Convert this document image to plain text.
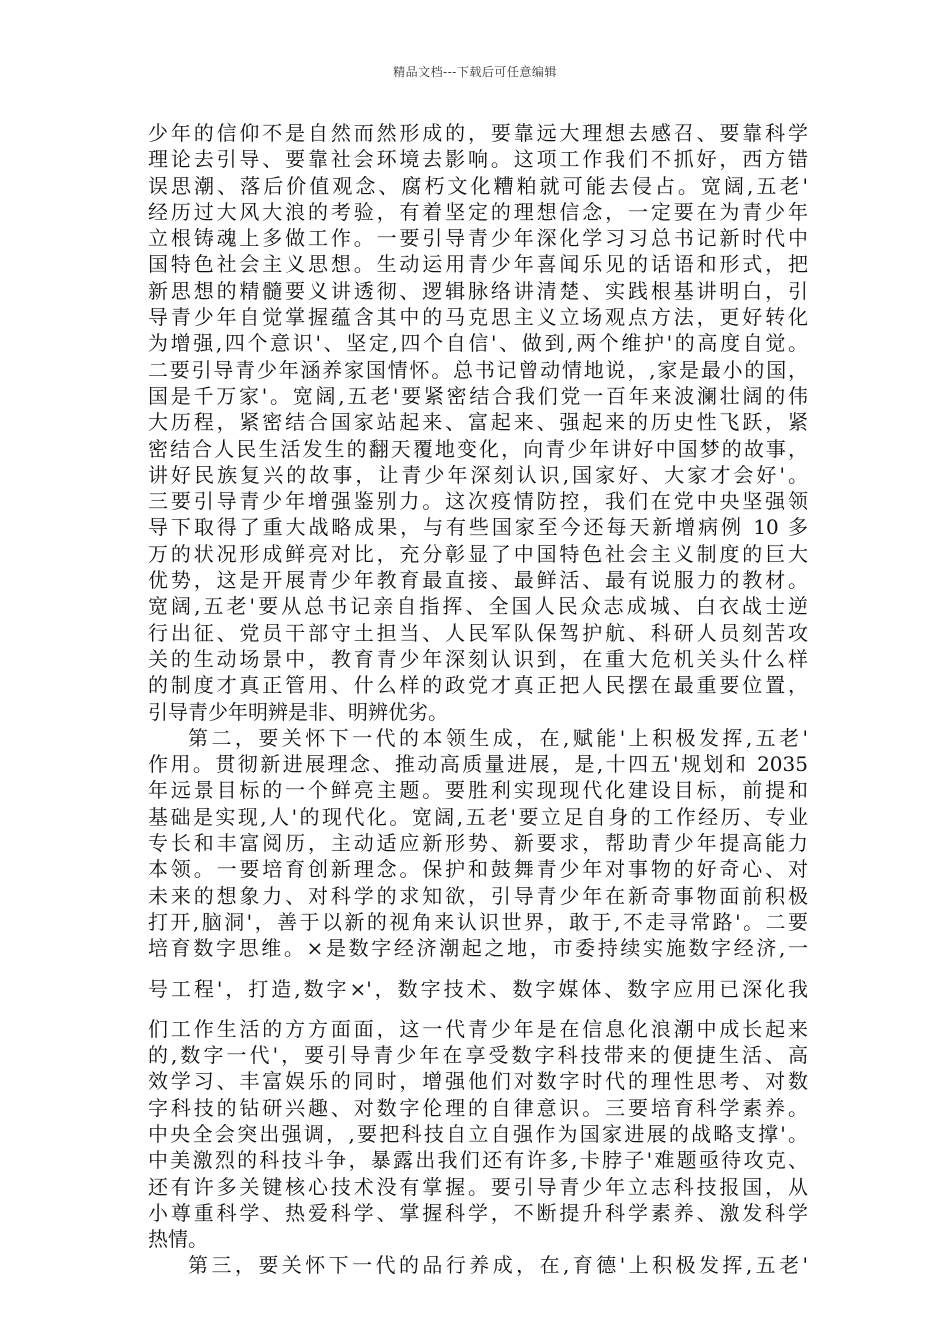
精品文档---下载后可任意编辑
少年的信仰不是自然而然形成的，要靠远大理想去感召、要靠科学
理论去引导、要靠社会环境去影响。这项工作我们不抓好，西方错
误思潮、落后价值观念、腐朽文化糟粕就可能去侵占。宽阔,五老'
经历过大风大浪的考验，有着坚定的理想信念，一定要在为青少年
立根铸魂上多做工作。一要引导青少年深化学习习总书记新时代中
国特色社会主义思想。生动运用青少年喜闻乐见的话语和形式，把
新思想的精髓要义讲透彻、逻辑脉络讲清楚、实践根基讲明白，引
导青少年自觉掌握蕴含其中的马克思主义立场观点方法，更好转化
为增强,四个意识'、坚定,四个自信'、做到,两个维护'的高度自觉。
二要引导青少年涵养家国情怀。总书记曾动情地说，,家是最小的国，
国是千万家'。宽阔,五老'要紧密结合我们党一百年来波澜壮阔的伟
大历程，紧密结合国家站起来、富起来、强起来的历史性飞跃，紧
密结合人民生活发生的翻天覆地变化，向青少年讲好中国梦的故事，
讲好民族复兴的故事，让青少年深刻认识,国家好、大家才会好'。
三要引导青少年增强鉴别力。这次疫情防控，我们在党中央坚强领
导下取得了重大战略成果，与有些国家至今还每天新增病例 10 多
万的状况形成鲜亮对比，充分彰显了中国特色社会主义制度的巨大
优势，这是开展青少年教育最直接、最鲜活、最有说服力的教材。
宽阔,五老'要从总书记亲自指挥、全国人民众志成城、白衣战士逆
行出征、党员干部守土担当、人民军队保驾护航、科研人员刻苦攻
关的生动场景中，教育青少年深刻认识到，在重大危机关头什么样
的制度才真正管用、什么样的政党才真正把人民摆在最重要位置，
引导青少年明辨是非、明辨优劣。
第二，要关怀下一代的本领生成，在,赋能'上积极发挥,五老'
作用。贯彻新进展理念、推动高质量进展，是,十四五'规划和 2035
年远景目标的一个鲜亮主题。要胜利实现现代化建设目标，前提和
基础是实现,人'的现代化。宽阔,五老'要立足自身的工作经历、专业
专长和丰富阅历，主动适应新形势、新要求，帮助青少年提高能力
本领。一要培育创新理念。保护和鼓舞青少年对事物的好奇心、对
未来的想象力、对科学的求知欲，引导青少年在新奇事物面前积极
打开,脑洞'，善于以新的视角来认识世界，敢于,不走寻常路'。二要
培育数字思维。×是数字经济潮起之地，市委持续实施数字经济,一
号工程'，打造,数字×'，数字技术、数字媒体、数字应用已深化我
们工作生活的方方面面，这一代青少年是在信息化浪潮中成长起来
的,数字一代'，要引导青少年在享受数字科技带来的便捷生活、高
效学习、丰富娱乐的同时，增强他们对数字时代的理性思考、对数
字科技的钻研兴趣、对数字伦理的自律意识。三要培育科学素养。
中央全会突出强调，,要把科技自立自强作为国家进展的战略支撑'。
中美激烈的科技斗争，暴露出我们还有许多,卡脖子'难题亟待攻克、
还有许多关键核心技术没有掌握。要引导青少年立志科技报国，从
小尊重科学、热爱科学、掌握科学，不断提升科学素养、激发科学
热情。
第三，要关怀下一代的品行养成，在,育德'上积极发挥,五老'
